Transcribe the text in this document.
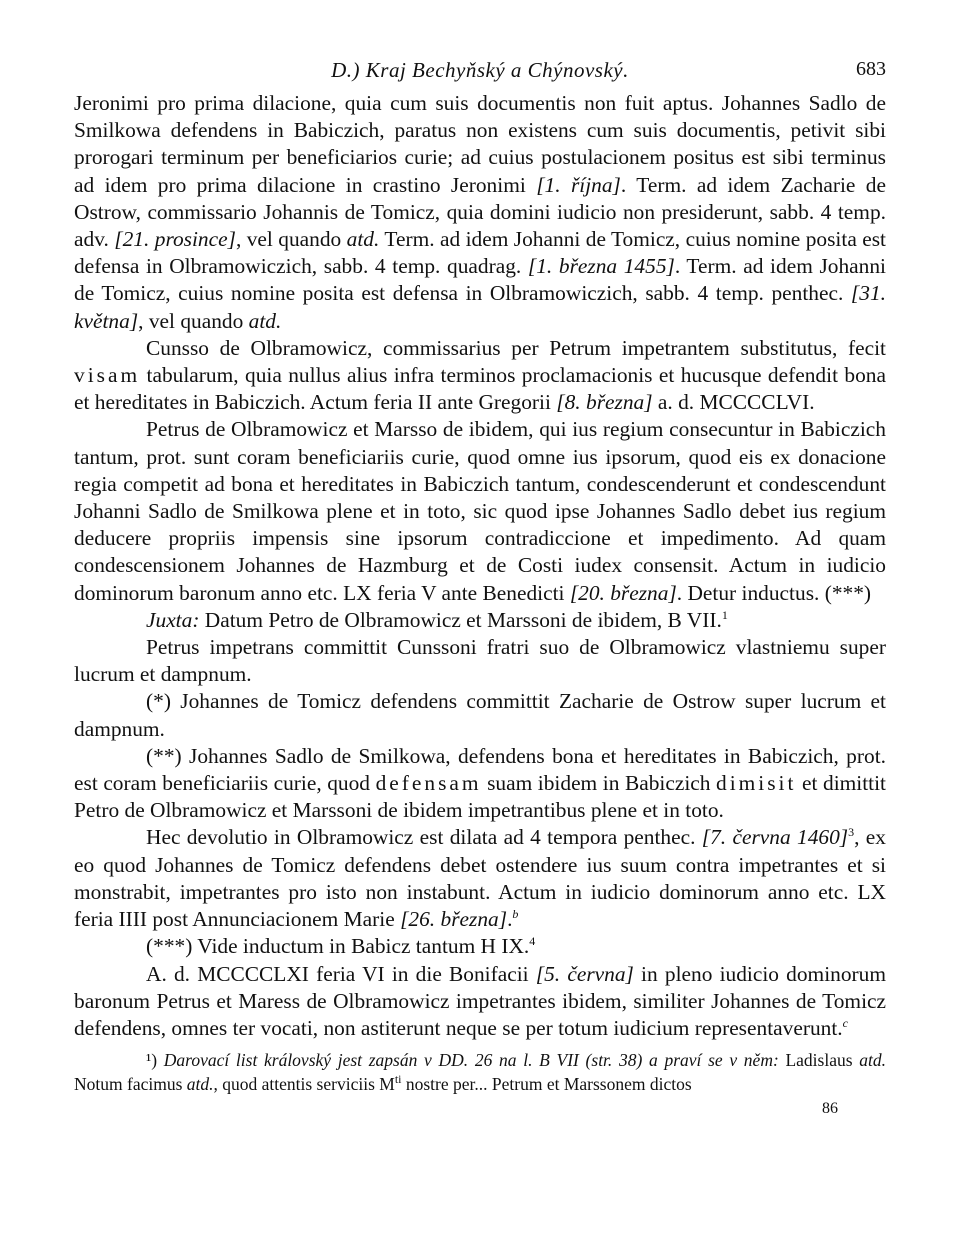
D.) Kraj Bechyňský a Chýnovský.	683

Jeronimi pro prima dilacione, quia cum suis documentis non fuit aptus. Johannes Sadlo de Smilkowa defendens in Babiczich, paratus non existens cum suis documentis, petivit sibi prorogari terminum per beneficiarios curie; ad cuius postulacionem positus est sibi terminus ad idem pro prima dilacione in crastino Jeronimi [1. října]. Term. ad idem Zacharie de Ostrow, commissario Johannis de Tomicz, quia domini iudicio non presiderunt, sabb. 4 temp. adv. [21. prosince], vel quando atd. Term. ad idem Johanni de Tomicz, cuius nomine posita est defensa in Olbramowiczich, sabb. 4 temp. quadrag. [1. března 1455]. Term. ad idem Johanni de Tomicz, cuius nomine posita est defensa in Olbramowiczich, sabb. 4 temp. penthec. [31. května], vel quando atd.

Cunsso de Olbramowicz, commissarius per Petrum impetrantem substitutus, fecit visam tabularum, quia nullus alius infra terminos proclamacionis et hucusque defendit bona et hereditates in Babiczich. Actum feria II ante Gregorii [8. března] a. d. MCCCCLVI.

Petrus de Olbramowicz et Marsso de ibidem, qui ius regium consecuntur in Babiczich tantum, prot. sunt coram beneficiariis curie, quod omne ius ipsorum, quod eis ex donacione regia competit ad bona et hereditates in Babiczich tantum, condescenderunt et condescendunt Johanni Sadlo de Smilkowa plene et in toto, sic quod ipse Johannes Sadlo debet ius regium deducere propriis impensis sine ipsorum contradiccione et impedimento. Ad quam condescensionem Johannes de Hazmburg et de Costi iudex consensit. Actum in iudicio dominorum baronum anno etc. LX feria V ante Benedicti [20. března]. Detur inductus. (***)

Juxta: Datum Petro de Olbramowicz et Marssoni de ibidem, B VII.$^1$

Petrus impetrans committit Cunssoni fratri suo de Olbramowicz vlastniemu super lucrum et dampnum.

(*) Johannes de Tomicz defendens committit Zacharie de Ostrow super lucrum et dampnum.

(**) Johannes Sadlo de Smilkowa, defendens bona et hereditates in Babiczich, prot. est coram beneficiariis curie, quod defensam suam ibidem in Babiczich dimisit et dimittit Petro de Olbramowicz et Marssoni de ibidem impetrantibus plene et in toto.

Hec devolutio in Olbramowicz est dilata ad 4 tempora penthec. [7. června 1460]$^3$, ex eo quod Johannes de Tomicz defendens debet ostendere ius suum contra impetrantes et si monstrabit, impetrantes pro isto non instabunt. Actum in iudicio dominorum anno etc. LX feria IIII post Annunciacionem Marie [26. března].$^b$

(***) Vide inductum in Babicz tantum H IX.$^4$

A. d. MCCCCLXI feria VI in die Bonifacii [5. června] in pleno iudicio dominorum baronum Petrus et Maress de Olbramowicz impetrantes ibidem, similiter Johannes de Tomicz defendens, omnes ter vocati, non astiterunt neque se per totum iudicium representaverunt.$^c$

¹) Darovací list královský jest zapsán v DD. 26 na l. B VII (str. 38) a praví se v něm: Ladislaus atd. Notum facimus atd., quod attentis serviciis $M^{ti}$ nostre per... Petrum et Marssonem dictos

86
